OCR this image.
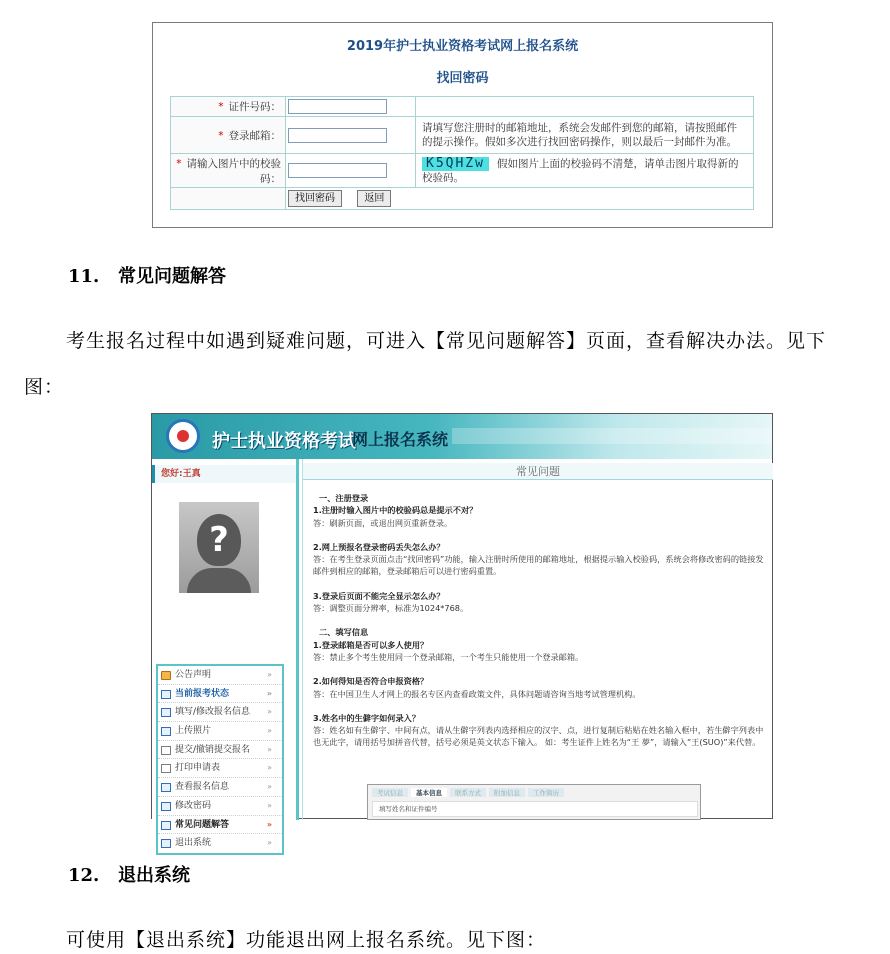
2019年护士执业资格考试网上报名系统
找回密码
* 证件号码：		
* 登录邮箱：		请填写您注册时的邮箱地址，系统会发邮件到您的邮箱，请按照邮件的提示操作。假如多次进行找回密码操作，则以最后一封邮件为准。
* 请输入图片中的校验码：		K5QHZw 假如图片上面的校验码不清楚，请单击图片取得新的校验码。
	找回密码 返回	
11. 常见问题解答
考生报名过程中如遇到疑难问题，可进入【常见问题解答】页面，查看解决办法。见下
图：
护士执业资格考试
网上报名系统
您好:王真
?
公告声明	»
当前报考状态	»
填写/修改报名信息 »
上传照片	»
提交/撤销提交报名 »
打印申请表	»
查看报名信息	»
修改密码	»
常见问题解答	»
退出系统	»
常见问题
一、注册登录
1.注册时输入图片中的校验码总是提示不对？
答：刷新页面，或退出网页重新登录。
2.网上预报名登录密码丢失怎么办？
答：在考生登录页面点击“找回密码”功能，输入注册时所使用的邮箱地址，根据提示输入校验码，系统会将修改密码的链接发邮件到相应的邮箱，登录邮箱后可以进行密码重置。
3.登录后页面不能完全显示怎么办？
答：调整页面分辨率，标准为1024*768。
二、填写信息
1.登录邮箱是否可以多人使用？
答：禁止多个考生使用同一个登录邮箱，一个考生只能使用一个登录邮箱。
2.如何得知是否符合申报资格？
答：在中国卫生人才网上的报名专区内查看政策文件，具体问题请咨询当地考试管理机构。
3.姓名中的生僻字如何录入？
答：姓名如有生僻字、中间有点，请从生僻字列表内选择相应的汉字、点，进行复制后粘贴在姓名输入框中，若生僻字列表中也无此字，请用括号加拼音代替，括号必须是英文状态下输入。 如：考生证件上姓名为“王 夢”，请输入“王(SUO)”来代替。
考试信息 基本信息 联系方式 附加信息 工作简历
填写姓名和证件编号
12. 退出系统
可使用【退出系统】功能退出网上报名系统。见下图：
